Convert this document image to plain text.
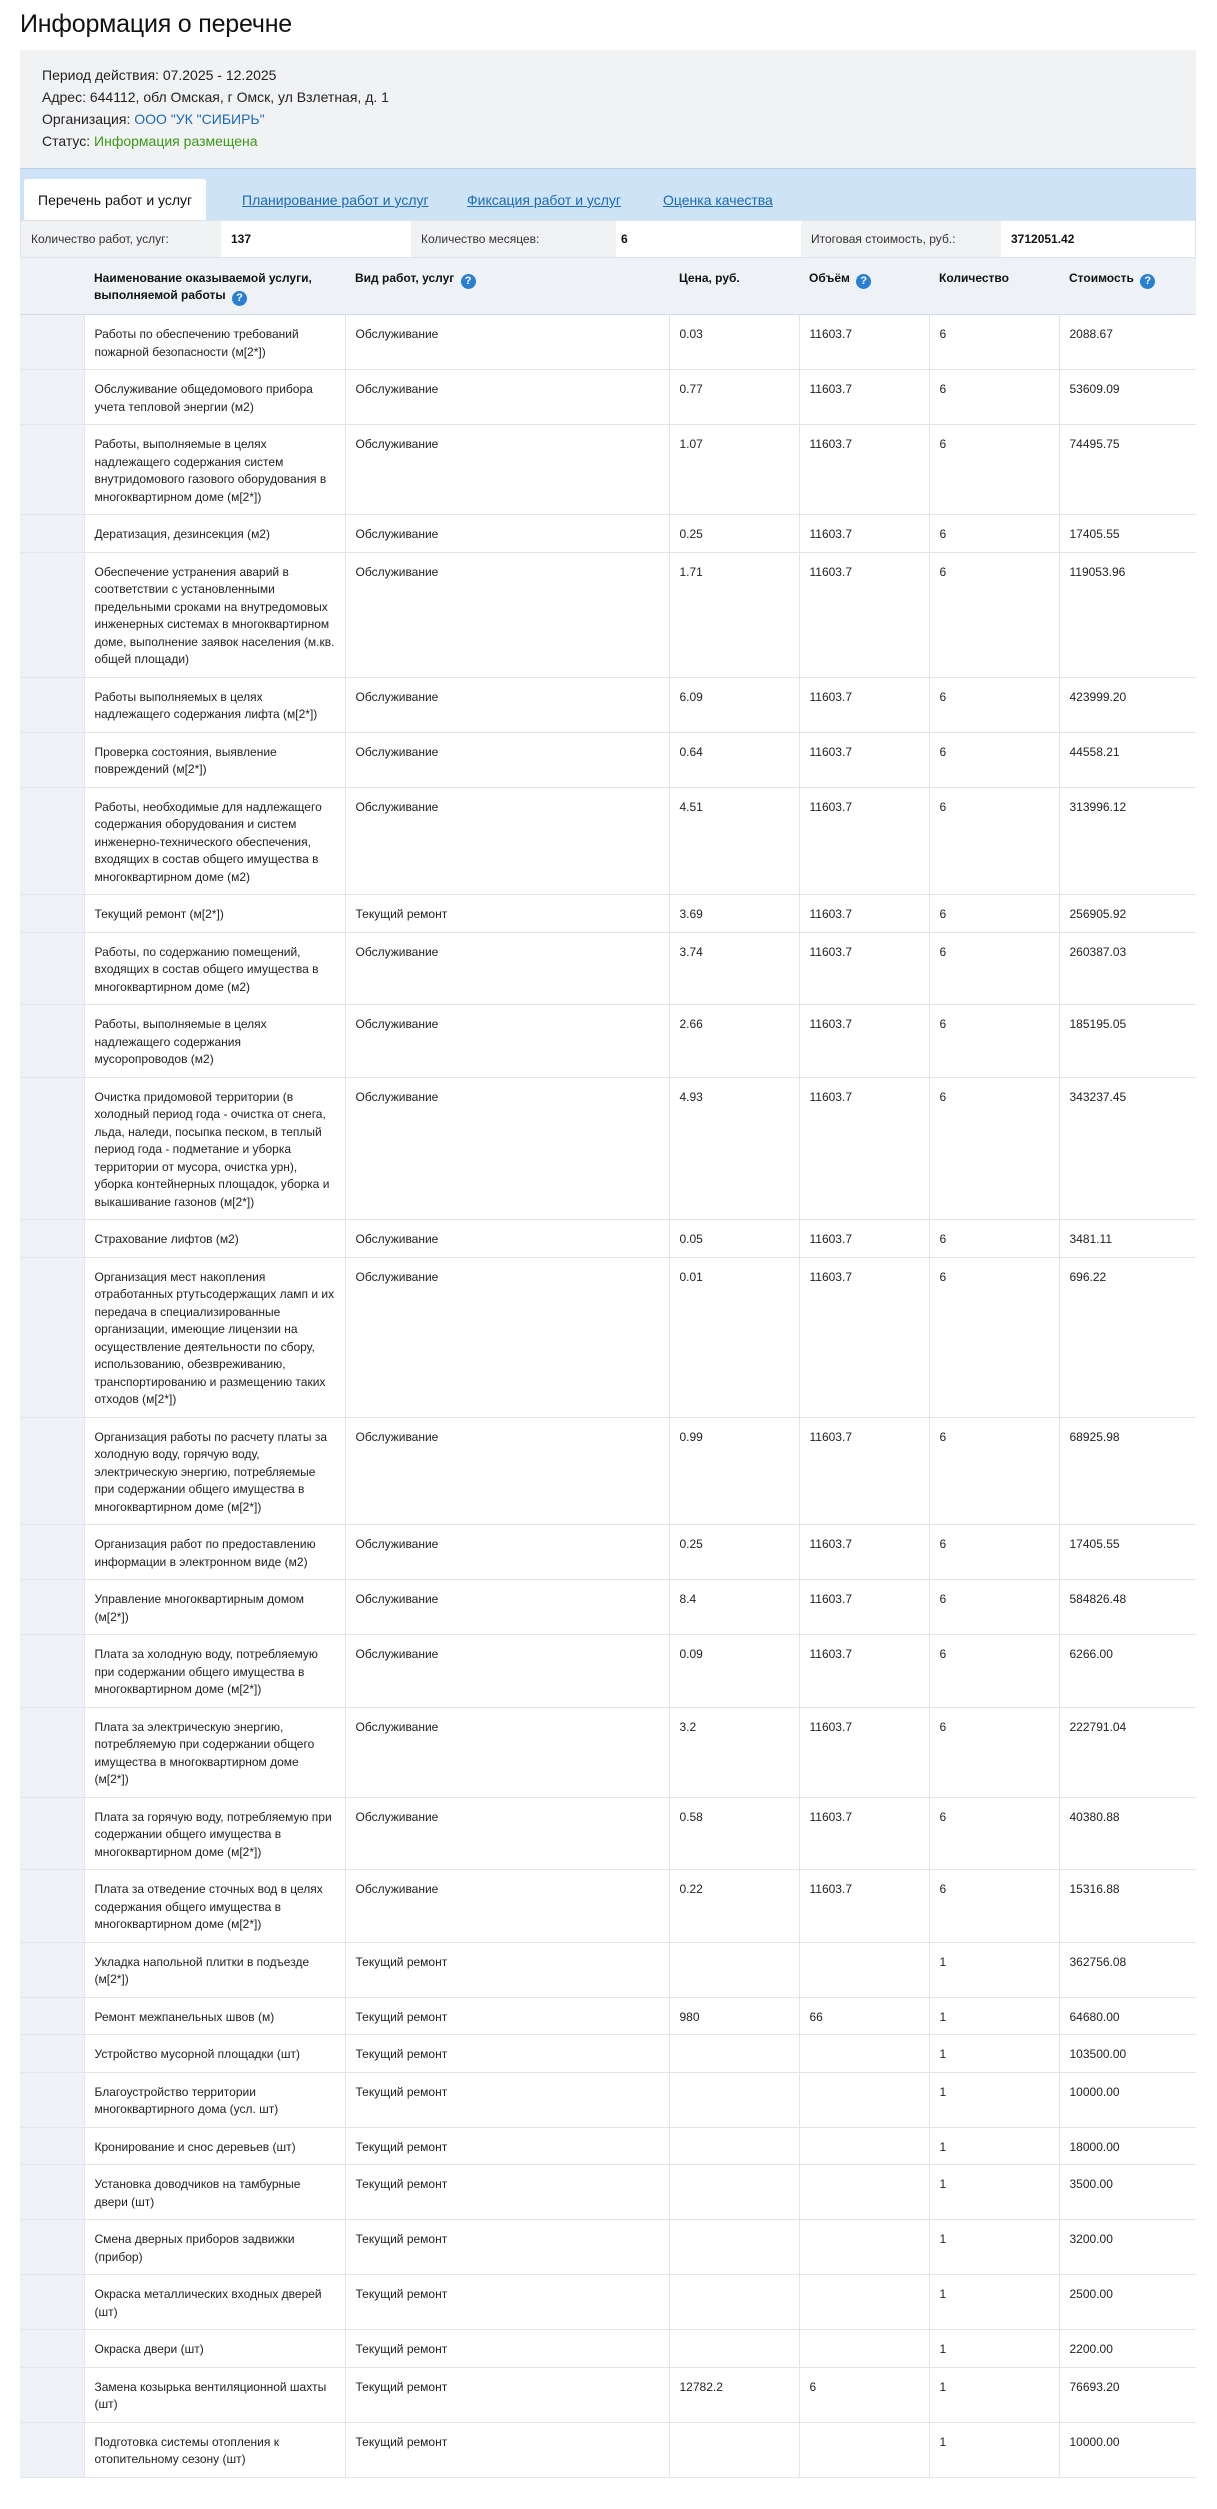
Информация о перечне
Период действия: 07.2025 - 12.2025
Адрес: 644112, обл Омская, г Омск, ул Взлетная, д. 1
Организация: ООО "УК "СИБИРЬ"
Статус: Информация размещена
Перечень работ и услуг	Планирование работ и услуг	Фиксация работ и услуг	Оценка качества
Количество работ, услуг:	137	Количество месяцев:	6	Итоговая стоимость, руб.:	3712051.42
	Наименование оказываемой услуги, выполняемой работы ?	Вид работ, услуг ?	Цена, руб.	Объём ?	Количество	Стоимость ?
	Работы по обеспечению требований пожарной безопасности (м[2*])	Обслуживание	0.03	11603.7	6	2088.67
	Обслуживание общедомового прибора учета тепловой энергии (м2)	Обслуживание	0.77	11603.7	6	53609.09
	Работы, выполняемые в целях надлежащего содержания систем внутридомового газового оборудования в многоквартирном доме (м[2*])	Обслуживание	1.07	11603.7	6	74495.75
	Дератизация, дезинсекция (м2)	Обслуживание	0.25	11603.7	6	17405.55
	Обеспечение устранения аварий в соответствии с установленными предельными сроками на внутредомовых инженерных системах в многоквартирном доме, выполнение заявок населения (м.кв. общей площади)	Обслуживание	1.71	11603.7	6	119053.96
	Работы выполняемых в целях надлежащего содержания лифта (м[2*])	Обслуживание	6.09	11603.7	6	423999.20
	Проверка состояния, выявление повреждений (м[2*])	Обслуживание	0.64	11603.7	6	44558.21
	Работы, необходимые для надлежащего содержания оборудования и систем инженерно-технического обеспечения, входящих в состав общего имущества в многоквартирном доме (м2)	Обслуживание	4.51	11603.7	6	313996.12
	Текущий ремонт (м[2*])	Текущий ремонт	3.69	11603.7	6	256905.92
	Работы, по содержанию помещений, входящих в состав общего имущества в многоквартирном доме (м2)	Обслуживание	3.74	11603.7	6	260387.03
	Работы, выполняемые в целях надлежащего содержания мусоропроводов (м2)	Обслуживание	2.66	11603.7	6	185195.05
	Очистка придомовой территории (в холодный период года - очистка от снега, льда, наледи, посыпка песком, в теплый период года - подметание и уборка территории от мусора, очистка урн), уборка контейнерных площадок, уборка и выкашивание газонов (м[2*])	Обслуживание	4.93	11603.7	6	343237.45
	Страхование лифтов (м2)	Обслуживание	0.05	11603.7	6	3481.11
	Организация мест накопления отработанных ртутьсодержащих ламп и их передача в специализированные организации, имеющие лицензии на осуществление деятельности по сбору, использованию, обезвреживанию, транспортированию и размещению таких отходов (м[2*])	Обслуживание	0.01	11603.7	6	696.22
	Организация работы по расчету платы за холодную воду, горячую воду, электрическую энергию, потребляемые при содержании общего имущества в многоквартирном доме (м[2*])	Обслуживание	0.99	11603.7	6	68925.98
	Организация работ по предоставлению информации в электронном виде (м2)	Обслуживание	0.25	11603.7	6	17405.55
	Управление многоквартирным домом (м[2*])	Обслуживание	8.4	11603.7	6	584826.48
	Плата за холодную воду, потребляемую при содержании общего имущества в многоквартирном доме (м[2*])	Обслуживание	0.09	11603.7	6	6266.00
	Плата за электрическую энергию, потребляемую при содержании общего имущества в многоквартирном доме (м[2*])	Обслуживание	3.2	11603.7	6	222791.04
	Плата за горячую воду, потребляемую при содержании общего имущества в многоквартирном доме (м[2*])	Обслуживание	0.58	11603.7	6	40380.88
	Плата за отведение сточных вод в целях содержания общего имущества в многоквартирном доме (м[2*])	Обслуживание	0.22	11603.7	6	15316.88
	Укладка напольной плитки в подъезде (м[2*])	Текущий ремонт			1	362756.08
	Ремонт межпанельных швов (м)	Текущий ремонт	980	66	1	64680.00
	Устройство мусорной площадки (шт)	Текущий ремонт			1	103500.00
	Благоустройство территории многоквартирного дома (усл. шт)	Текущий ремонт			1	10000.00
	Кронирование и снос деревьев (шт)	Текущий ремонт			1	18000.00
	Установка доводчиков на тамбурные двери (шт)	Текущий ремонт			1	3500.00
	Смена дверных приборов задвижки (прибор)	Текущий ремонт			1	3200.00
	Окраска металлических входных дверей (шт)	Текущий ремонт			1	2500.00
	Окраска двери (шт)	Текущий ремонт			1	2200.00
	Замена козырька вентиляционной шахты (шт)	Текущий ремонт	12782.2	6	1	76693.20
	Подготовка системы отопления к отопительному сезону (шт)	Текущий ремонт			1	10000.00
